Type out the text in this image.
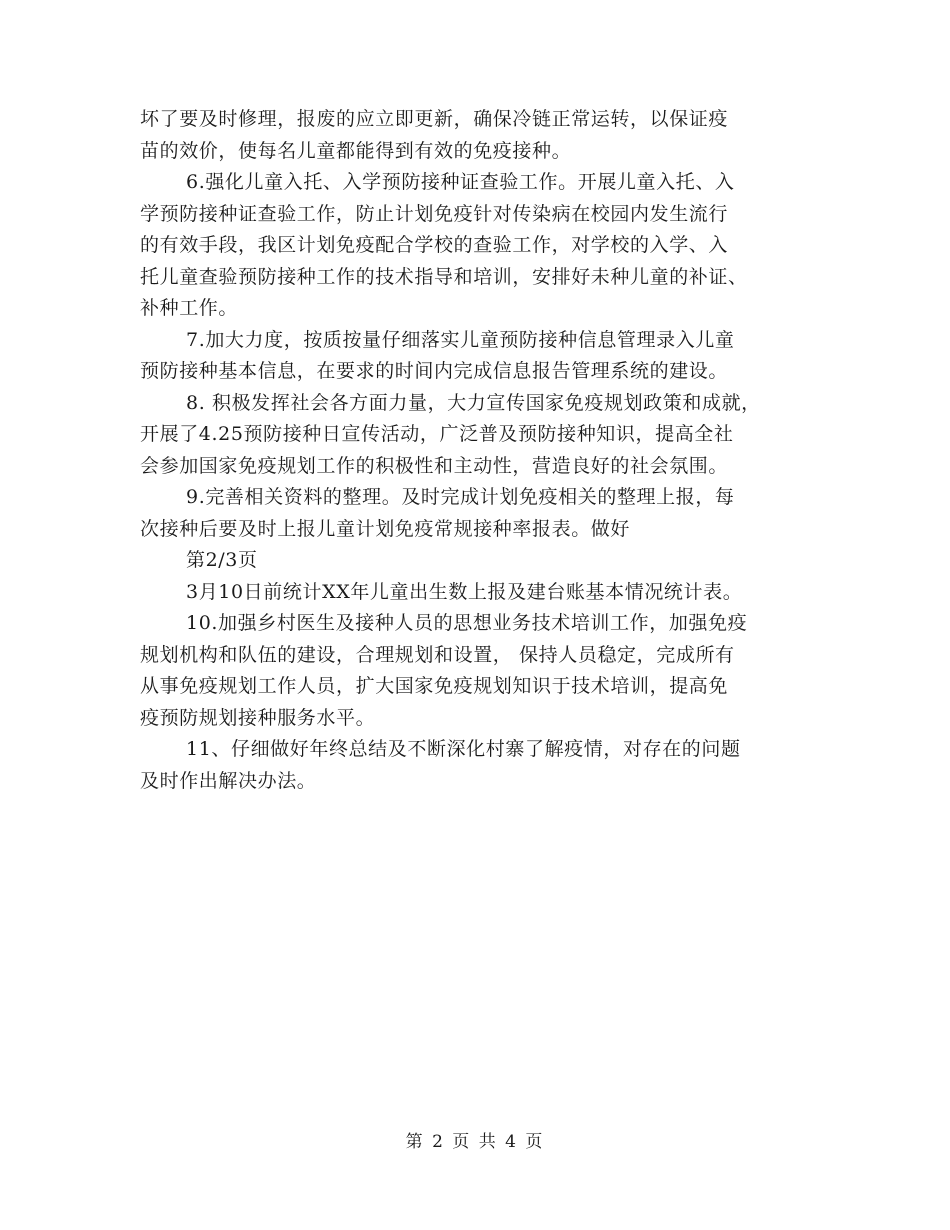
坏了要及时修理，报废的应立即更新，确保冷链正常运转，以保证疫
苗的效价，使每名儿童都能得到有效的免疫接种。
6.强化儿童入托、入学预防接种证查验工作。开展儿童入托、入
学预防接种证查验工作，防止计划免疫针对传染病在校园内发生流行
的有效手段，我区计划免疫配合学校的查验工作，对学校的入学、入
托儿童查验预防接种工作的技术指导和培训，安排好未种儿童的补证、
补种工作。
7.加大力度，按质按量仔细落实儿童预防接种信息管理录入儿童
预防接种基本信息，在要求的时间内完成信息报告管理系统的建设。
8. 积极发挥社会各方面力量，大力宣传国家免疫规划政策和成就，
开展了4.25预防接种日宣传活动，广泛普及预防接种知识，提高全社
会参加国家免疫规划工作的积极性和主动性，营造良好的社会氛围。
9.完善相关资料的整理。及时完成计划免疫相关的整理上报，每
次接种后要及时上报儿童计划免疫常规接种率报表。做好
第2/3页
3月10日前统计XX年儿童出生数上报及建台账基本情况统计表。
10.加强乡村医生及接种人员的思想业务技术培训工作，加强免疫
规划机构和队伍的建设，合理规划和设置， 保持人员稳定，完成所有
从事免疫规划工作人员，扩大国家免疫规划知识于技术培训，提高免
疫预防规划接种服务水平。
11、仔细做好年终总结及不断深化村寨了解疫情，对存在的问题
及时作出解决办法。
第 2 页 共 4 页
